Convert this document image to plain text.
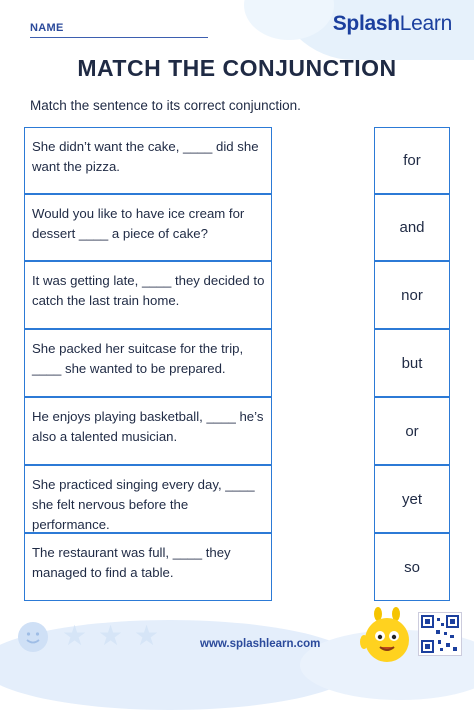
NAME	SplashLearn
MATCH THE CONJUNCTION
Match the sentence to its correct conjunction.
She didn’t want the cake, ____ did she want the pizza.
Would you like to have ice cream for dessert ____ a piece of cake?
It was getting late, ____ they decided to catch the last train home.
She packed her suitcase for the trip, ____ she wanted to be prepared.
He enjoys playing basketball, ____ he’s also a talented musician.
She practiced singing every day, ____ she felt nervous before the performance.
The restaurant was full, ____ they managed to find a table.
for
and
nor
but
or
yet
so
★ ★ ★	www.splashlearn.com
